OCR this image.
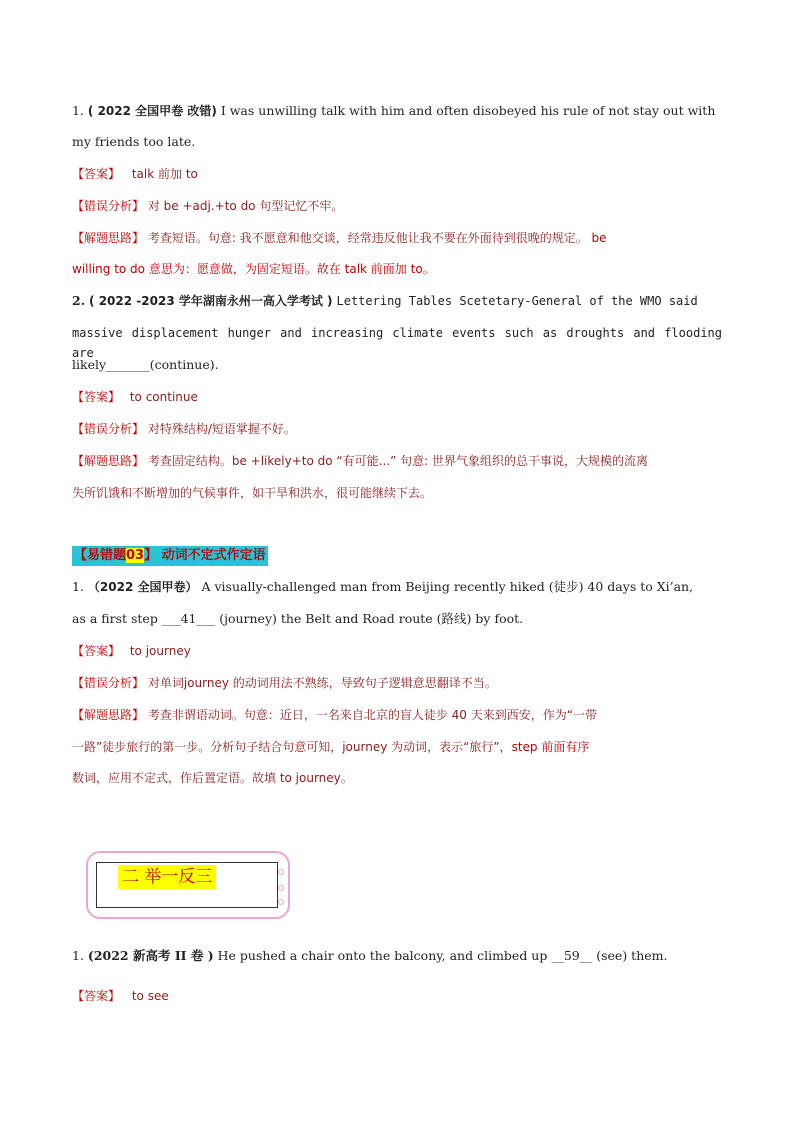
1. ( 2022 全国甲卷 改错) I was unwilling talk with him and often disobeyed his rule of not stay out with
my friends too late.
【答案】 talk 前加 to
【错误分析】 对 be +adj.+to do 句型记忆不牢。
【解题思路】 考查短语。句意: 我不愿意和他交谈，经常违反他让我不要在外面待到很晚的规定。 be
willing to do 意思为：愿意做，为固定短语。故在 talk 前面加 to。
2. ( 2022 -2023 学年湖南永州一高入学考试 ) Lettering Tables Scetetary-General of the WMO said
massive displacement hunger and increasing climate events such as droughts and flooding are
likely_______(continue).
【答案】 to continue
【错误分析】 对特殊结构/短语掌握不好。
【解题思路】 考查固定结构。be +likely+to do “有可能...” 句意: 世界气象组织的总干事说，大规模的流离
失所饥饿和不断增加的气候事件，如干旱和洪水，很可能继续下去。
【易错题03】 动词不定式作定语
1. （2022 全国甲卷） A visually-challenged man from Beijing recently hiked (徒步) 40 days to Xi’an,
as a first step ___41___ (journey) the Belt and Road route (路线) by foot.
【答案】 to journey
【错误分析】 对单词journey 的动词用法不熟练，导致句子逻辑意思翻译不当。
【解题思路】 考查非谓语动词。句意：近日，一名来自北京的盲人徒步 40 天来到西安，作为“一带
一路”徒步旅行的第一步。分析句子结合句意可知，journey 为动词，表示“旅行”，step 前面有序
数词，应用不定式，作后置定语。故填 to journey。
二 举一反三
1. (2022 新高考 II 卷 ) He pushed a chair onto the balcony, and climbed up __59__ (see) them.
【答案】 to see
